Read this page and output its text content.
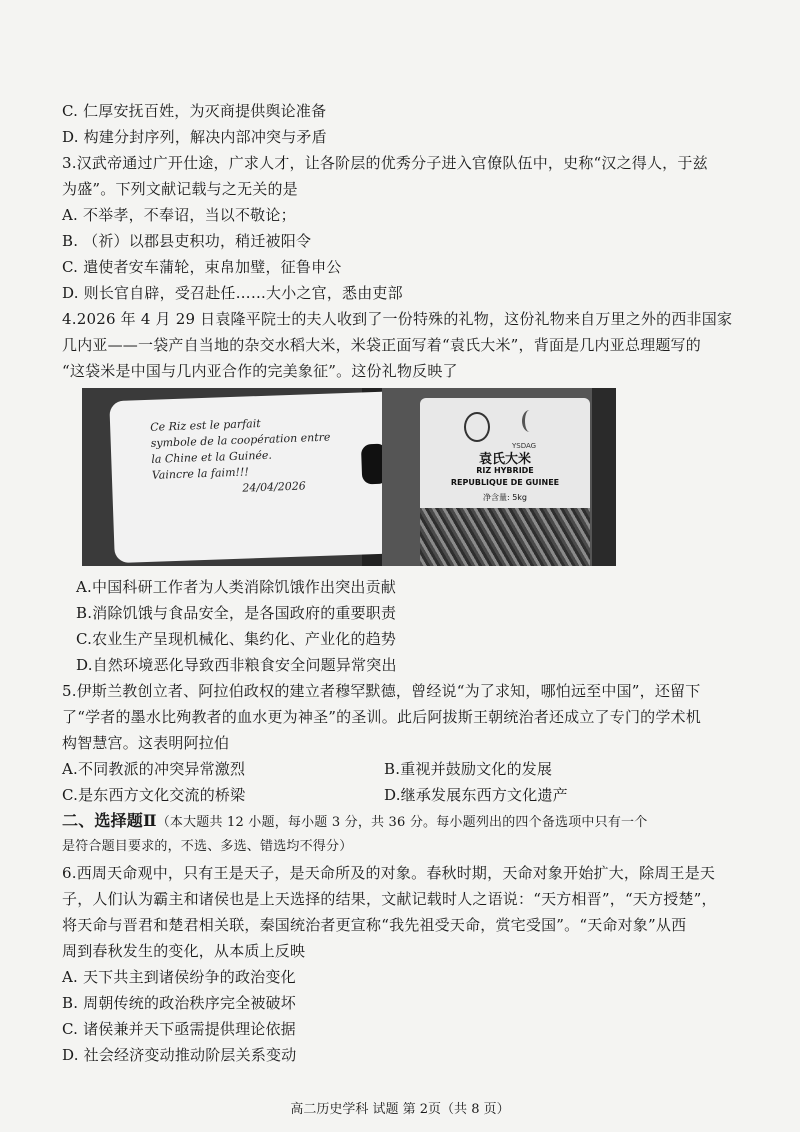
C. 仁厚安抚百姓，为灭商提供舆论准备
D. 构建分封序列，解决内部冲突与矛盾
3.汉武帝通过广开仕途，广求人才，让各阶层的优秀分子进入官僚队伍中，史称“汉之得人，于兹
为盛”。下列文献记载与之无关的是
A. 不举孝，不奉诏，当以不敬论；
B. （祈）以郡县吏积功，稍迁被阳令
C. 遣使者安车蒲轮，束帛加璧，征鲁申公
D. 则长官自辟，受召赴任……大小之官，悉由吏部
4.2026 年 4 月 29 日袁隆平院士的夫人收到了一份特殊的礼物，这份礼物来自万里之外的西非国家
几内亚——一袋产自当地的杂交水稻大米，米袋正面写着“袁氏大米”，背面是几内亚总理题写的
“这袋米是中国与几内亚合作的完美象征”。这份礼物反映了
Ce Riz est le parfait
symbole de la coopération entre
la Chine et la Guinée.
Vaincre la faim!!!
24/04/2026
YSDAG
袁氏大米
RIZ HYBRIDE
REPUBLIQUE DE GUINEE
净含量: 5kg
A.中国科研工作者为人类消除饥饿作出突出贡献
B.消除饥饿与食品安全，是各国政府的重要职责
C.农业生产呈现机械化、集约化、产业化的趋势
D.自然环境恶化导致西非粮食安全问题异常突出
5.伊斯兰教创立者、阿拉伯政权的建立者穆罕默德，曾经说“为了求知，哪怕远至中国”，还留下
了“学者的墨水比殉教者的血水更为神圣”的圣训。此后阿拔斯王朝统治者还成立了专门的学术机
构智慧宫。这表明阿拉伯
A.不同教派的冲突异常激烈	B.重视并鼓励文化的发展
C.是东西方文化交流的桥梁	D.继承发展东西方文化遗产
二、选择题Ⅱ（本大题共 12 小题，每小题 3 分，共 36 分。每小题列出的四个备选项中只有一个
是符合题目要求的，不选、多选、错选均不得分）
6.西周天命观中，只有王是天子，是天命所及的对象。春秋时期，天命对象开始扩大，除周王是天
子，人们认为霸主和诸侯也是上天选择的结果，文献记载时人之语说：“天方相晋”，“天方授楚”，
将天命与晋君和楚君相关联，秦国统治者更宣称“我先祖受天命，赏宅受国”。“天命对象”从西
周到春秋发生的变化，从本质上反映
A. 天下共主到诸侯纷争的政治变化
B. 周朝传统的政治秩序完全被破坏
C. 诸侯兼并天下亟需提供理论依据
D. 社会经济变动推动阶层关系变动
高二历史学科 试题 第 2页（共 8 页）
